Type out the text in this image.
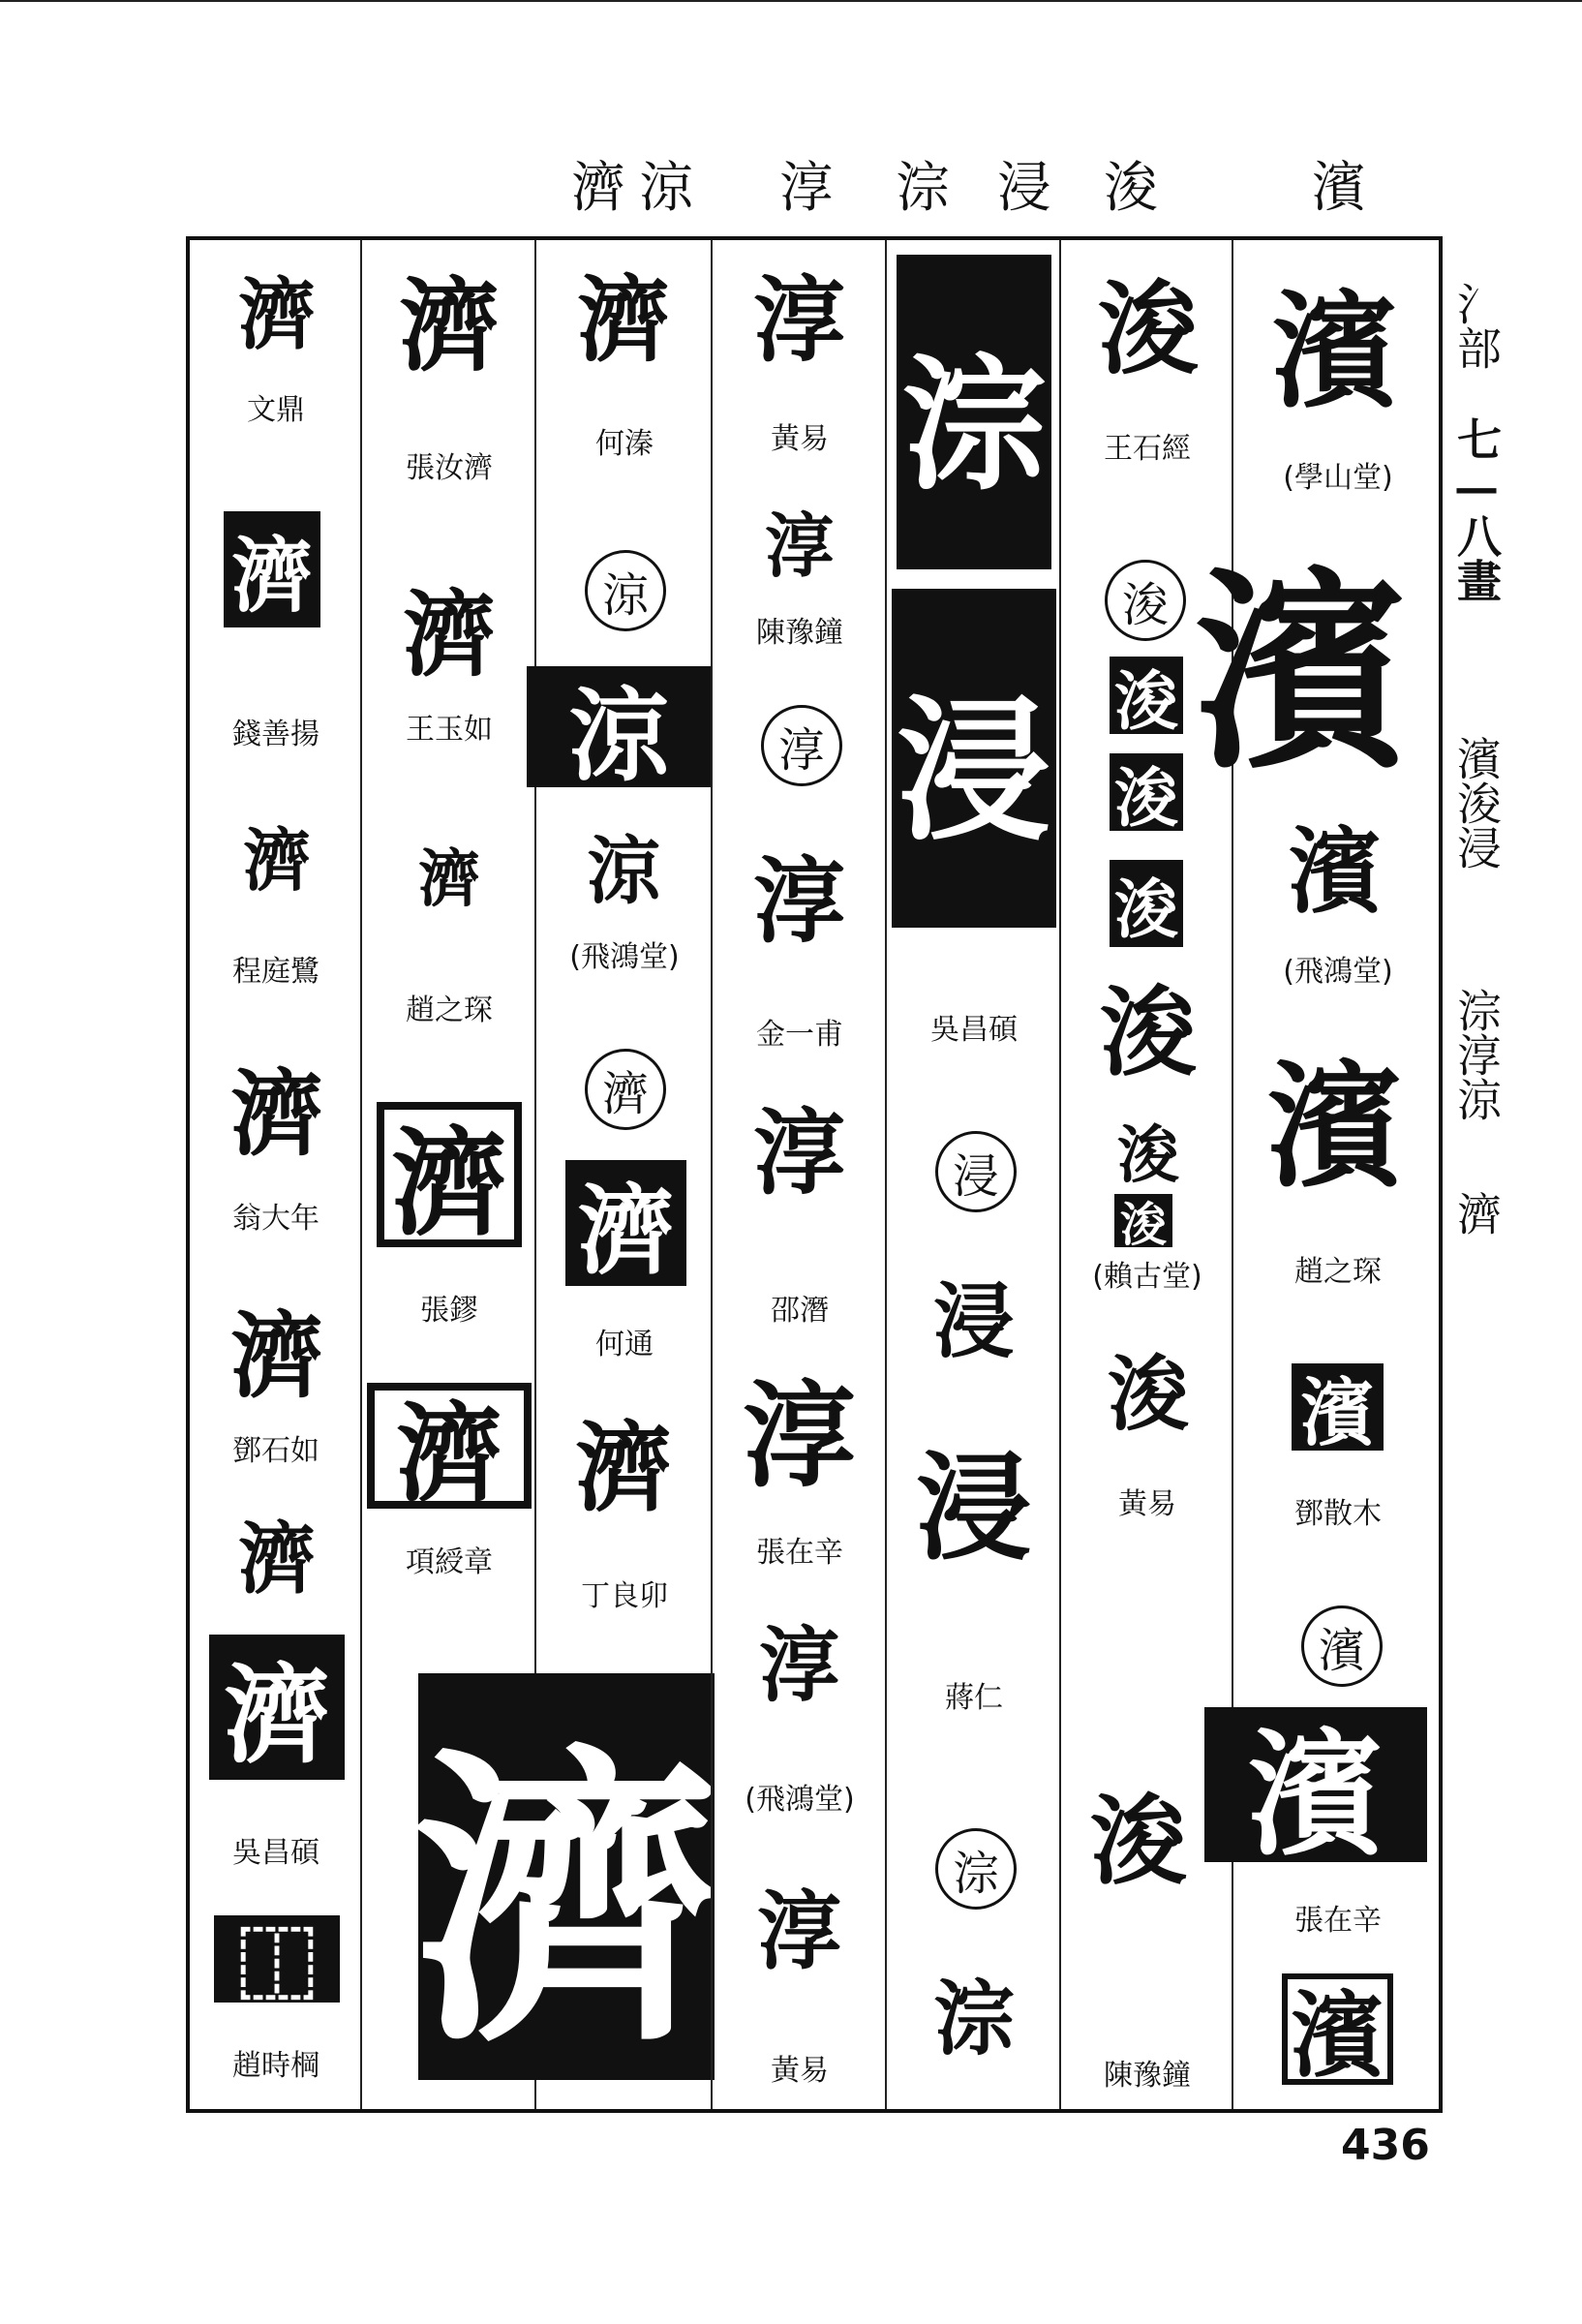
濟 涼 淳 淙 浸 浚	濱
濟
文鼎
濟
錢善揚
濟
程庭鷺
濟
翁大年
濟
鄧石如
濟
濟
吳昌碩
⿰
趙時棡
濟
張汝濟
濟
王玉如
濟
趙之琛
濟
張鏐
濟
項綬章
濟
濟
何溱
涼
涼
涼
(飛鴻堂)
濟
濟
何通
濟
丁良卯
淳
黃易
淳
陳豫鐘
淳
淳
金一甫
淳
邵潛
淳
張在辛
淳
(飛鴻堂)
淳
黃易
淙
浸
吳昌碩
浸
浸
浸
蔣仁
淙
淙
浚
王石經
浚
浚
浚
浚
浚
浚
浚
(賴古堂)
浚
黃易
浚
陳豫鐘
濱
(學山堂)
濱
濱
(飛鴻堂)
濱
趙之琛
濱
鄧散木
濱
濱
張在辛
濱
氵部
七—八畫
濱浚浸
淙淳涼
濟
436
